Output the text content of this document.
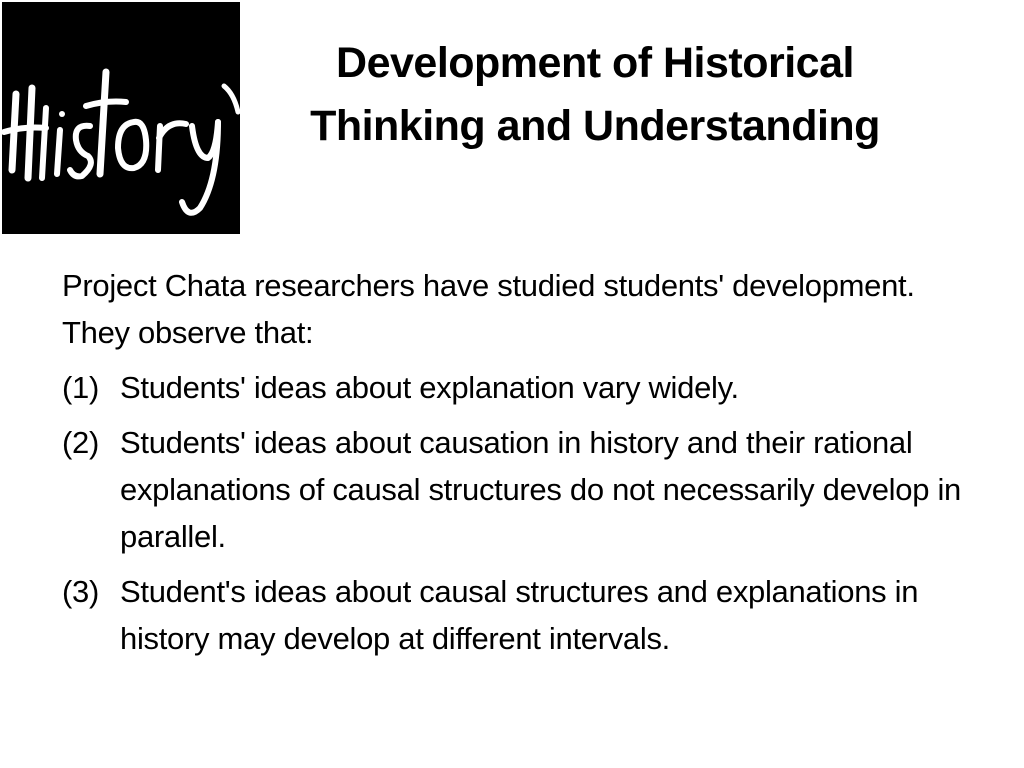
Development of Historical
Thinking and Understanding

Project Chata researchers have studied students' development. They observe that:

(1) Students' ideas about explanation vary widely.
(2) Students' ideas about causation in history and their rational explanations of causal structures do not necessarily develop in parallel.
(3) Student's ideas about causal structures and explanations in history may develop at different intervals.
